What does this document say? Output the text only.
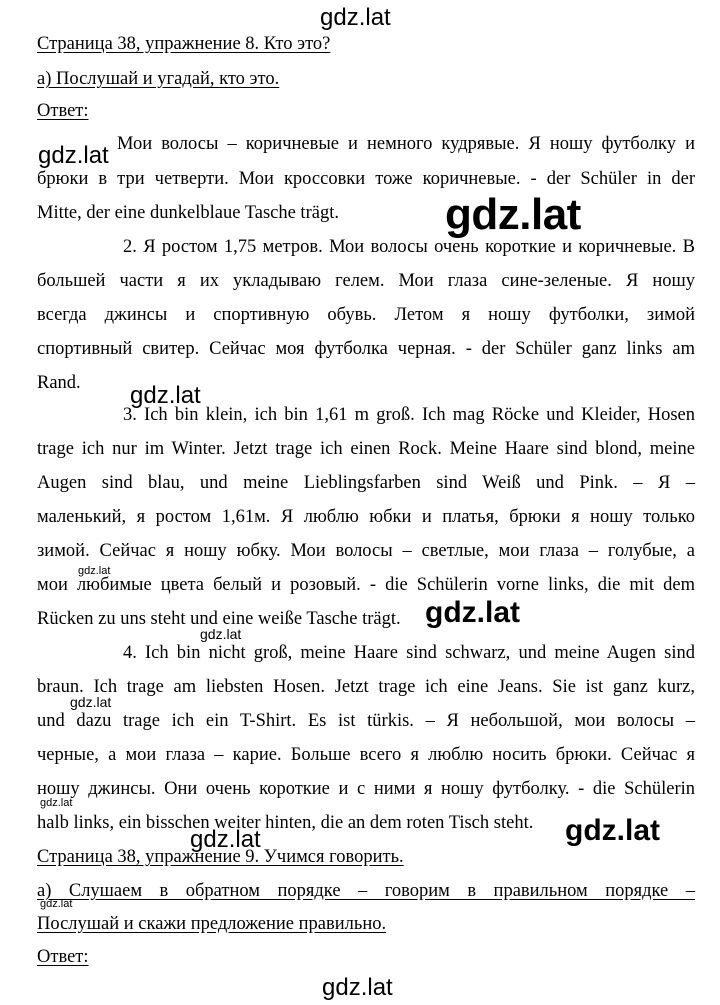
Страница 38, упражнение 8. Кто это?
а) Послушай и угадай, кто это.
Ответ:
Мои волосы – коричневые и немного кудрявые. Я ношу футболку и
брюки в три четверти. Мои кроссовки тоже коричневые. - der Schüler in der
Mitte, der eine dunkelblaue Tasche trägt.
2. Я ростом 1,75 метров. Мои волосы очень короткие и коричневые. В
большей части я их укладываю гелем. Мои глаза сине-зеленые. Я ношу
всегда джинсы и спортивную обувь. Летом я ношу футболки, зимой
спортивный свитер. Сейчас моя футболка черная. - der Schüler ganz links am
Rand.
3. Ich bin klein, ich bin 1,61 m groß. Ich mag Röcke und Kleider, Hosen
trage ich nur im Winter. Jetzt trage ich einen Rock. Meine Haare sind blond, meine
Augen sind blau, und meine Lieblingsfarben sind Weiß und Pink. – Я –
маленький, я ростом 1,61м. Я люблю юбки и платья, брюки я ношу только
зимой. Сейчас я ношу юбку. Мои волосы – светлые, мои глаза – голубые, а
мои любимые цвета белый и розовый. - die Schülerin vorne links, die mit dem
Rücken zu uns steht und eine weiße Tasche trägt.
4. Ich bin nicht groß, meine Haare sind schwarz, und meine Augen sind
braun. Ich trage am liebsten Hosen. Jetzt trage ich eine Jeans. Sie ist ganz kurz,
und dazu trage ich ein T-Shirt. Es ist türkis. – Я небольшой, мои волосы –
черные, а мои глаза – карие. Больше всего я люблю носить брюки. Сейчас я
ношу джинсы. Они очень короткие и с ними я ношу футболку. - die Schülerin
halb links, ein bisschen weiter hinten, die an dem roten Tisch steht.
Страница 38, упражнение 9. Учимся говорить.
а) Слушаем в обратном порядке – говорим в правильном порядке –
Послушай и скажи предложение правильно.
Ответ:
gdz.lat
gdz.lat
gdz.lat
gdz.lat
gdz.lat
gdz.lat
gdz.lat
gdz.lat
gdz.lat
gdz.lat	gdz.lat
gdz.lat
gdz.lat
